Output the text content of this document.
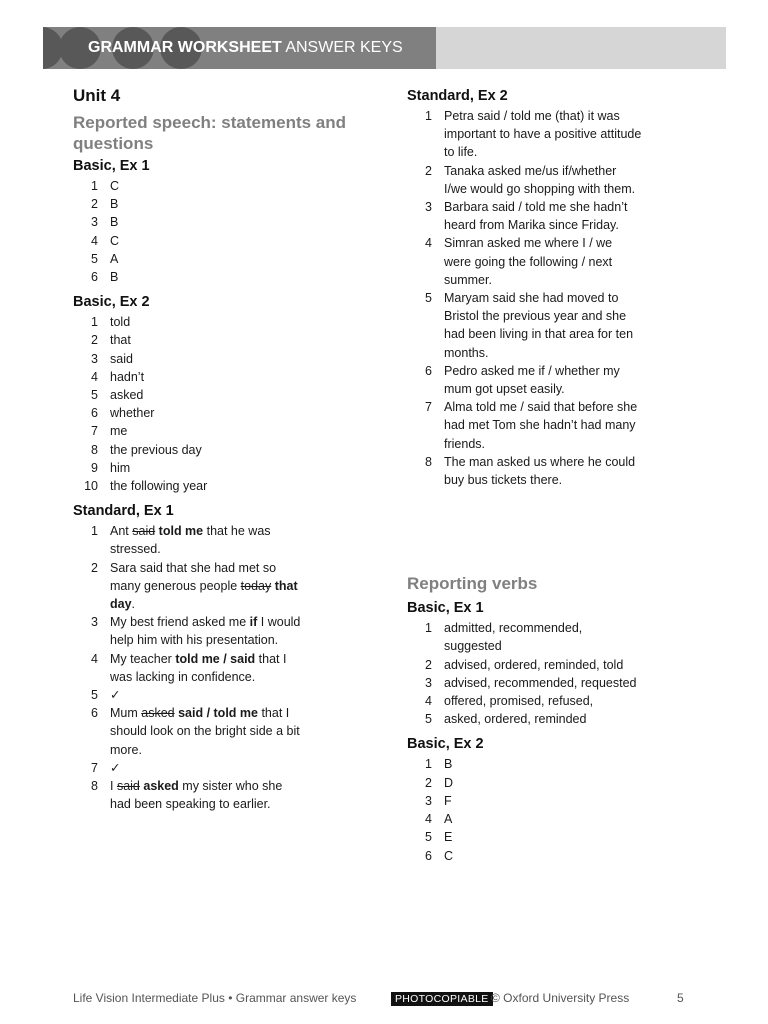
GRAMMAR WORKSHEET ANSWER KEYS
Unit 4
Reported speech: statements and questions
Basic, Ex 1
1 C
2 B
3 B
4 C
5 A
6 B
Basic, Ex 2
1 told
2 that
3 said
4 hadn’t
5 asked
6 whether
7 me
8 the previous day
9 him
10 the following year
Standard, Ex 1
1 Ant said told me that he was stressed.
2 Sara said that she had met so many generous people today that day.
3 My best friend asked me if I would help him with his presentation.
4 My teacher told me / said that I was lacking in confidence.
5 ✓
6 Mum asked said / told me that I should look on the bright side a bit more.
7 ✓
8 I said asked my sister who she had been speaking to earlier.
Standard, Ex 2
1 Petra said / told me (that) it was important to have a positive attitude to life.
2 Tanaka asked me/us if/whether I/we would go shopping with them.
3 Barbara said / told me she hadn’t heard from Marika since Friday.
4 Simran asked me where I / we were going the following / next summer.
5 Maryam said she had moved to Bristol the previous year and she had been living in that area for ten months.
6 Pedro asked me if / whether my mum got upset easily.
7 Alma told me / said that before she had met Tom she hadn’t had many friends.
8 The man asked us where he could buy bus tickets there.
Reporting verbs
Basic, Ex 1
1 admitted, recommended, suggested
2 advised, ordered, reminded, told
3 advised, recommended, requested
4 offered, promised, refused,
5 asked, ordered, reminded
Basic, Ex 2
1 B
2 D
3 F
4 A
5 E
6 C
Life Vision Intermediate Plus • Grammar answer keys	PHOTOCOPIABLE © Oxford University Press	5
